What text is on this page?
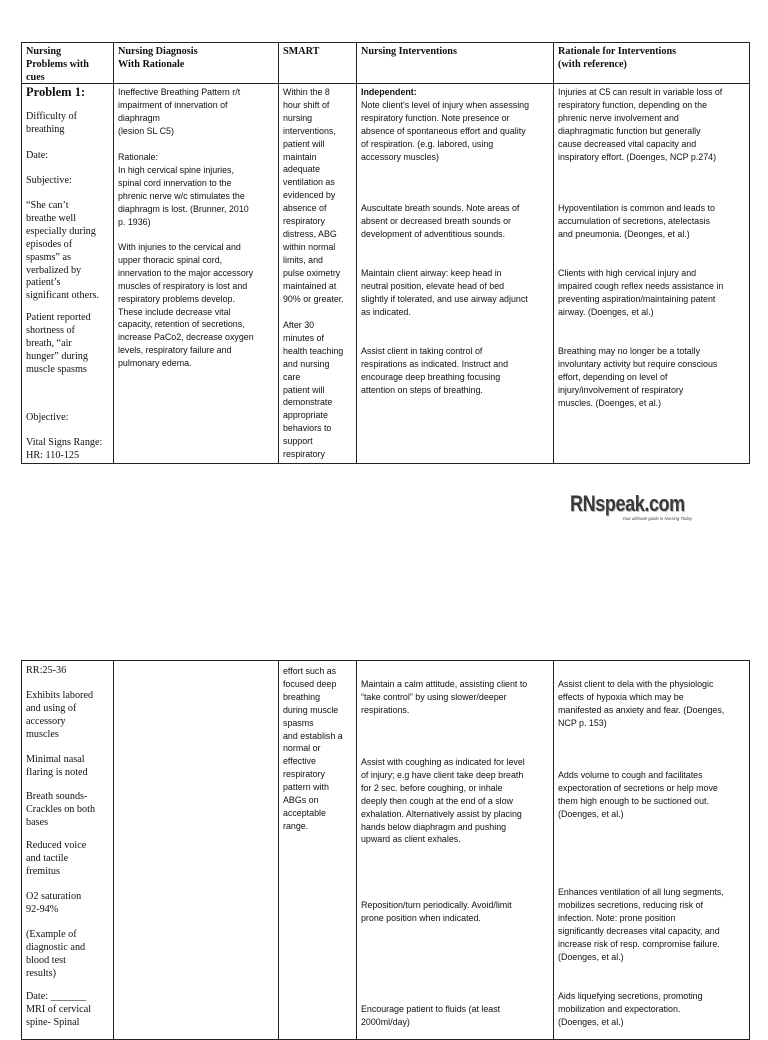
Nursing
Problems with
cues
Problem 1:
Difficulty of
breathing
Date:
Subjective:
“She can’t
breathe well
especially during
episodes of
spasms” as
verbalized by
patient’s
significant others.
Patient reported
shortness of
breath, “air
hunger” during
muscle spasms
Objective:
Vital Signs Range:
HR: 110-125
Nursing Diagnosis
With Rationale
Ineffective Breathing Pattern r/t
impairment of innervation of
diaphragm
(lesion SL C5)
Rationale:
In high cervical spine injuries,
spinal cord innervation to the
phrenic nerve w/c stimulates the
diaphragm is lost. (Brunner, 2010
p. 1936)
With injuries to the cervical and
upper thoracic spinal cord,
innervation to the major accessory
muscles of respiratory is lost and
respiratory problems develop.
These include decrease vital
capacity, retention of secretions,
increase PaCo2, decrease oxygen
levels, respiratory failure and
pulmonary edema.
SMART
Within the 8
hour shift of
nursing
interventions,
patient will
maintain
adequate
ventilation as
evidenced by
absence of
respiratory
distress, ABG
within normal
limits, and
pulse oximetry
maintained at
90% or greater.
After 30
minutes of
health teaching
and nursing
care
patient will
demonstrate
appropriate
behaviors to
support
respiratory
Nursing Interventions
Independent:
Note client’s level of injury when assessing
respiratory function. Note presence or
absence of spontaneous effort and quality
of respiration. (e.g. labored, using
accessory muscles)
Auscultate breath sounds. Note areas of
absent or decreased breath sounds or
development of adventitious sounds.
Maintain client airway: keep head in
neutral position, elevate head of bed
slightly if tolerated, and use airway adjunct
as indicated.
Assist client in taking control of
respirations as indicated. Instruct and
encourage deep breathing focusing
attention on steps of breathing.
Rationale for Interventions
(with reference)
Injuries at C5 can result in variable loss of
respiratory function, depending on the
phrenic nerve involvement and
diaphragmatic function but generally
cause decreased vital capacity and
inspiratory effort. (Doenges, NCP p.274)
Hypoventilation is common and leads to
accumulation of secretions, atelectasis
and pneumonia. (Deonges, et al.)
Clients with high cervical injury and
impaired cough reflex needs assistance in
preventing aspiration/maintaining patent
airway. (Doenges, et al.)
Breathing may no longer be a totally
involuntary activity but require conscious
effort, depending on level of
injury/involvement of respiratory
muscles. (Doenges, et al.)
RNspeak.com
Your ultimate guide in Nursing Today
RR:25-36
Exhibits labored
and using of
accessory
muscles
Minimal nasal
flaring is noted
Breath sounds-
Crackles on both
bases
Reduced voice
and tactile
fremitus
O2 saturation
92-94%
(Example of
diagnostic and
blood test
results)
Date: _______
MRI of cervical
spine- Spinal
effort such as
focused deep
breathing
during muscle
spasms
and establish a
normal or
effective
respiratory
pattern with
ABGs on
acceptable
range.
Maintain a calm attitude, assisting client to
“take control” by using slower/deeper
respirations.
Assist with coughing as indicated for level
of injury; e.g have client take deep breath
for 2 sec. before coughing, or inhale
deeply then cough at the end of a slow
exhalation. Alternatively assist by placing
hands below diaphragm and pushing
upward as client exhales.
Reposition/turn periodically. Avoid/limit
prone position when indicated.
Encourage patient to fluids (at least
2000ml/day)
Assist client to dela with the physiologic
effects of hypoxia which may be
manifested as anxiety and fear. (Doenges,
NCP p. 153)
Adds volume to cough and facilitates
expectoration of secretions or help move
them high enough to be suctioned out.
(Doenges, et al.)
Enhances ventilation of all lung segments,
mobilizes secretions, reducing risk of
infection. Note: prone position
significantly decreases vital capacity, and
increase risk of resp. compromise failure.
(Doenges, et al.)
Aids liquefying secretions, promoting
mobilization and expectoration.
(Doenges, et al.)
